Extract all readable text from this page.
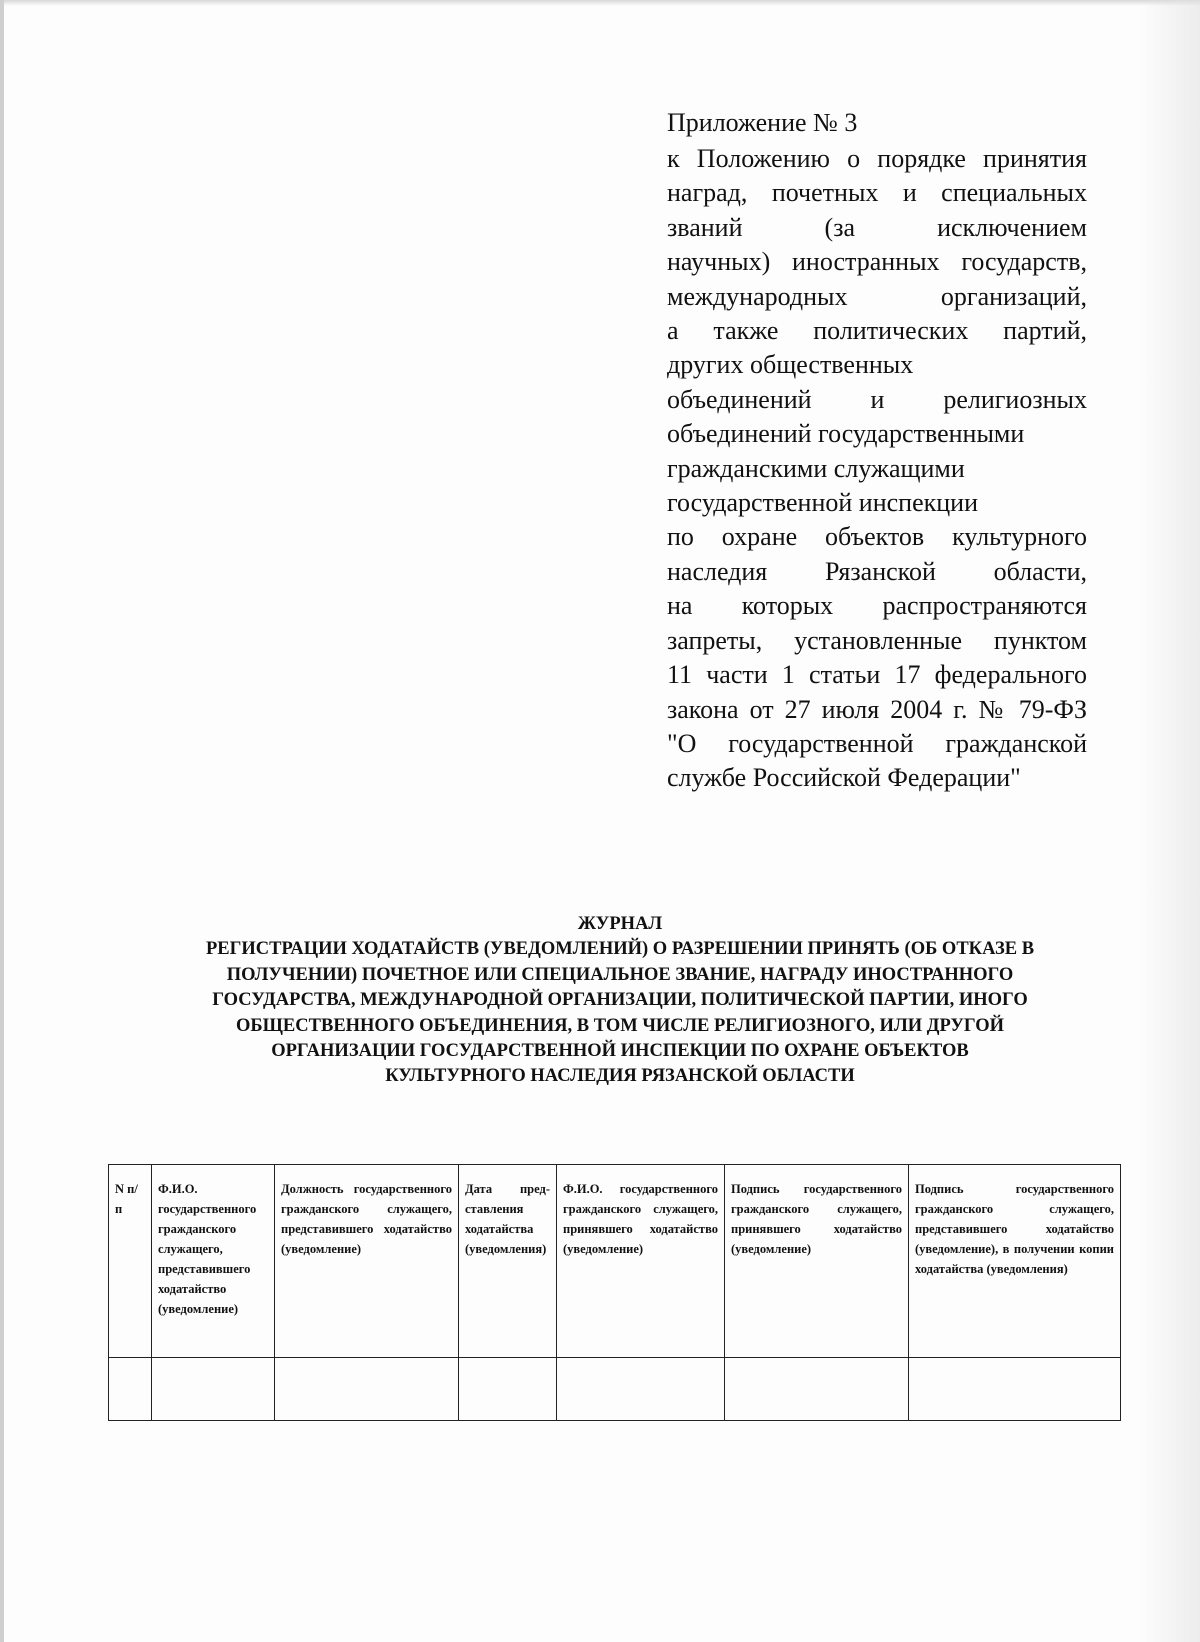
Приложение № 3
к Положению о порядке принятия
наград, почетных и специальных
званий (за исключением
научных) иностранных государств,
международных организаций,
а также политических партий,
других общественных
объединений и религиозных
объединений государственными
гражданскими служащими
государственной инспекции
по охране объектов культурного
наследия Рязанской области,
на которых распространяются
запреты, установленные пунктом
11 части 1 статьи 17 федерального
закона от 27 июля 2004 г. № 79-ФЗ
"О государственной гражданской
службе Российской Федерации"
ЖУРНАЛ
РЕГИСТРАЦИИ ХОДАТАЙСТВ (УВЕДОМЛЕНИЙ) О РАЗРЕШЕНИИ ПРИНЯТЬ (ОБ ОТКАЗЕ В
ПОЛУЧЕНИИ) ПОЧЕТНОЕ ИЛИ СПЕЦИАЛЬНОЕ ЗВАНИЕ, НАГРАДУ ИНОСТРАННОГО
ГОСУДАРСТВА, МЕЖДУНАРОДНОЙ ОРГАНИЗАЦИИ, ПОЛИТИЧЕСКОЙ ПАРТИИ, ИНОГО
ОБЩЕСТВЕННОГО ОБЪЕДИНЕНИЯ, В ТОМ ЧИСЛЕ РЕЛИГИОЗНОГО, ИЛИ ДРУГОЙ
ОРГАНИЗАЦИИ ГОСУДАРСТВЕННОЙ ИНСПЕКЦИИ ПО ОХРАНЕ ОБЪЕКТОВ
КУЛЬТУРНОГО НАСЛЕДИЯ РЯЗАНСКОЙ ОБЛАСТИ
N п/п	Ф.И.О. государственного гражданского служащего, представившего ходатайство (уведомление)	Должность государственного гражданского служащего, представившего ходатайство (уведомление)	Дата представления ходатайства (уведомления)	Ф.И.О. государственного гражданского служащего, принявшего ходатайство (уведомление)	Подпись государственного гражданского служащего, принявшего ходатайство (уведомление)	Подпись государственного гражданского служащего, представившего ходатайство (уведомление), в получении копии ходатайства (уведомления)
